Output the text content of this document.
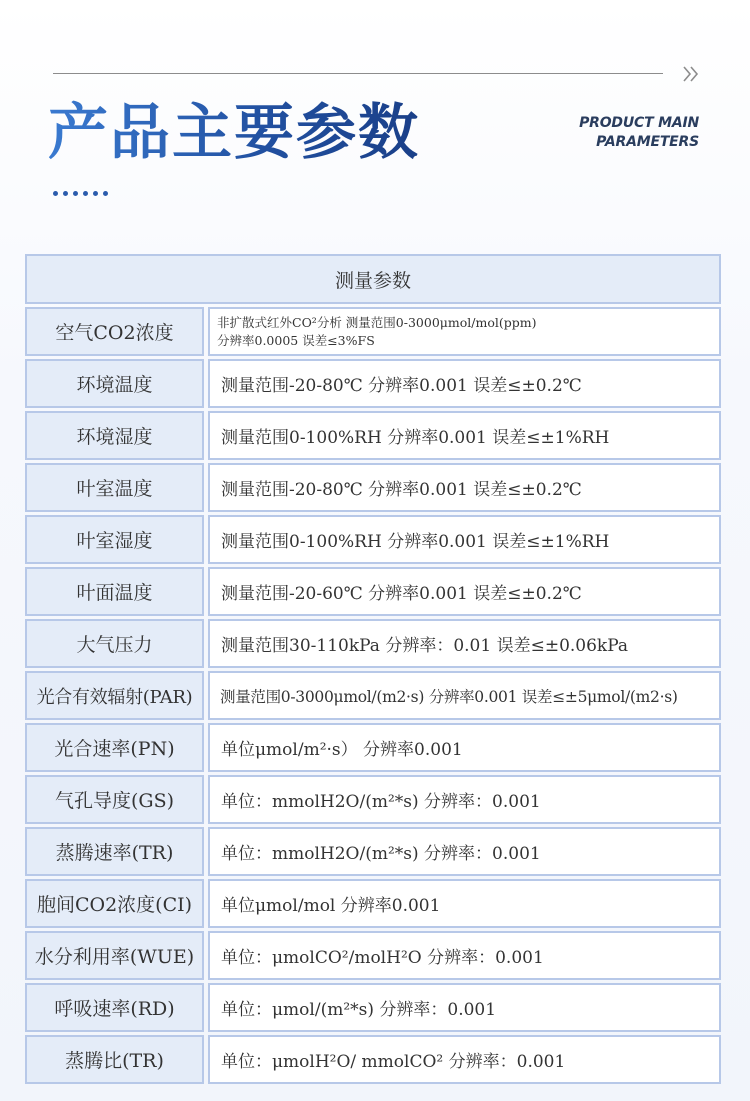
产品主要参数	PRODUCT MAIN
PARAMETERS
测量参数
空气CO2浓度	非扩散式红外CO²分析 测量范围0-3000μmol/mol(ppm)
分辨率0.0005 误差≤3%FS
环境温度	测量范围-20-80℃ 分辨率0.001 误差≤±0.2℃
环境湿度	测量范围0-100%RH 分辨率0.001 误差≤±1%RH
叶室温度	测量范围-20-80℃ 分辨率0.001 误差≤±0.2℃
叶室湿度	测量范围0-100%RH 分辨率0.001 误差≤±1%RH
叶面温度	测量范围-20-60℃ 分辨率0.001 误差≤±0.2℃
大气压力	测量范围30-110kPa 分辨率：0.01 误差≤±0.06kPa
光合有效辐射(PAR)	测量范围0-3000μmol/(m2·s) 分辨率0.001 误差≤±5μmol/(m2·s)
光合速率(PN)	单位μmol/m²·s） 分辨率0.001
气孔导度(GS)	单位：mmolH2O/(m²*s) 分辨率：0.001
蒸腾速率(TR)	单位：mmolH2O/(m²*s) 分辨率：0.001
胞间CO2浓度(CI)	单位μmol/mol 分辨率0.001
水分利用率(WUE)	单位：μmolCO²/molH²O 分辨率：0.001
呼吸速率(RD)	单位：μmol/(m²*s) 分辨率：0.001
蒸腾比(TR)	单位：μmolH²O/ mmolCO² 分辨率：0.001
